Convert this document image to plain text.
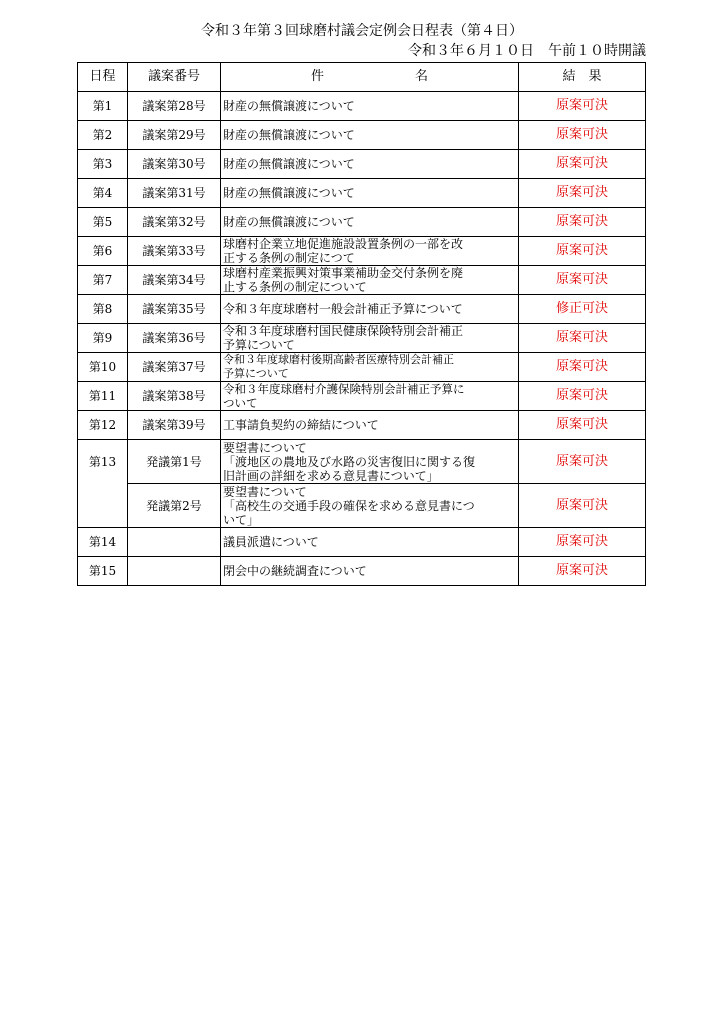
令和３年第３回球磨村議会定例会日程表（第４日）
令和３年６月１０日　午前１０時開議
日程	議案番号	件　　　　　　　名	結　果
第1	議案第28号	財産の無償譲渡について	原案可決
第2	議案第29号	財産の無償譲渡について	原案可決
第3	議案第30号	財産の無償譲渡について	原案可決
第4	議案第31号	財産の無償譲渡について	原案可決
第5	議案第32号	財産の無償譲渡について	原案可決
第6	議案第33号	球磨村企業立地促進施設設置条例の一部を改
正する条例の制定につて	原案可決
第7	議案第34号	球磨村産業振興対策事業補助金交付条例を廃
止する条例の制定について	原案可決
第8	議案第35号	令和３年度球磨村一般会計補正予算について	修正可決
第9	議案第36号	令和３年度球磨村国民健康保険特別会計補正
予算について	原案可決
第10	議案第37号	令和３年度球磨村後期高齢者医療特別会計補正
予算について	原案可決
第11	議案第38号	令和３年度球磨村介護保険特別会計補正予算に
ついて	原案可決
第12	議案第39号	工事請負契約の締結について	原案可決
第13	発議第1号	要望書について
「渡地区の農地及び水路の災害復旧に関する復
旧計画の詳細を求める意見書について」	原案可決
	発議第2号	要望書について
「高校生の交通手段の確保を求める意見書につ
いて」	原案可決
第14		議員派遣について	原案可決
第15		閉会中の継続調査について	原案可決
